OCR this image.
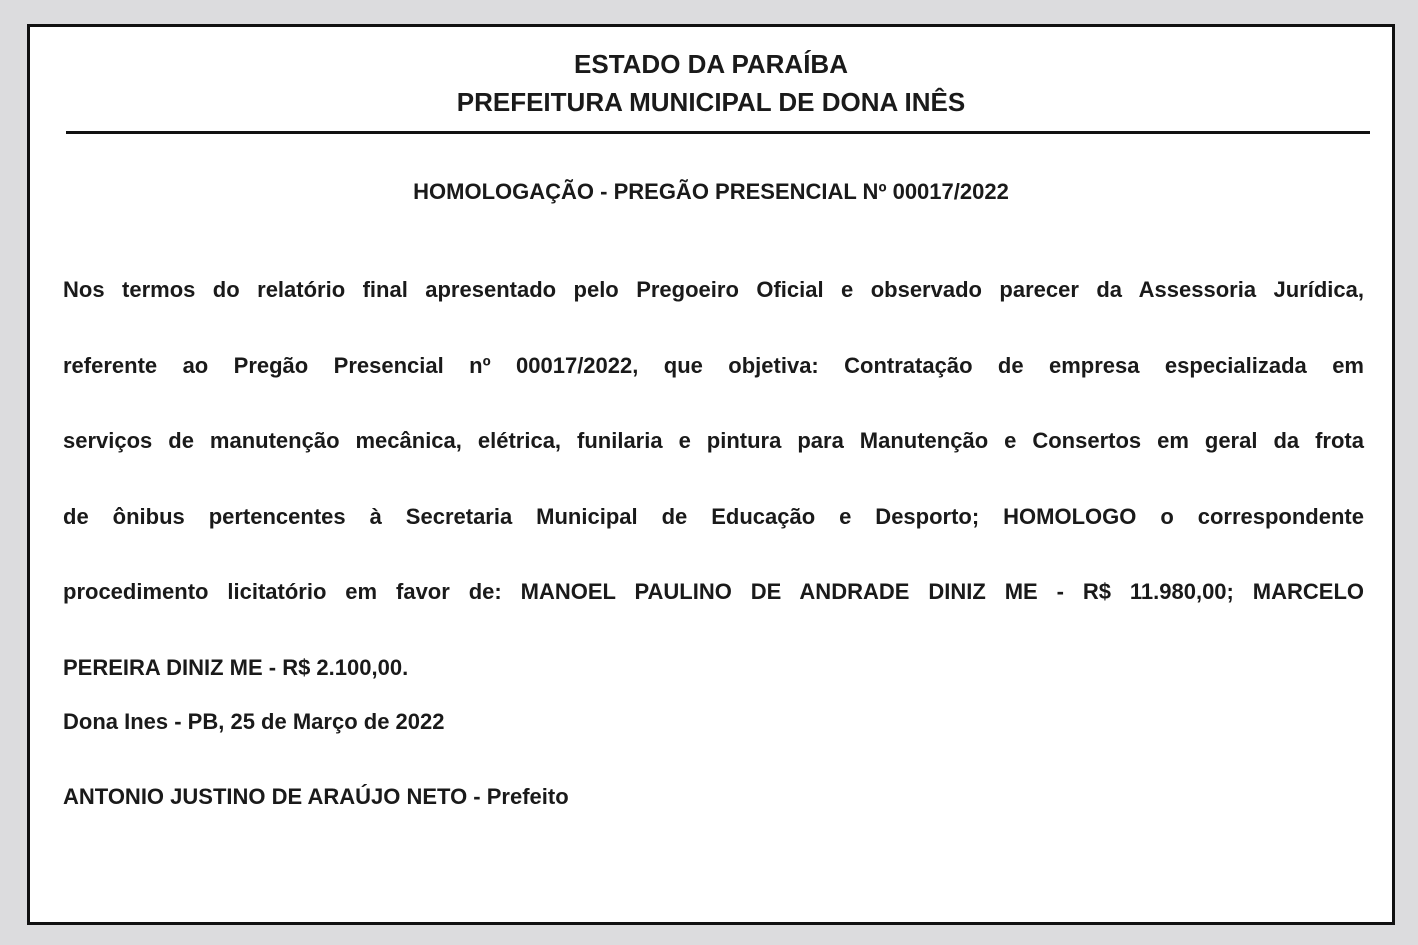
ESTADO DA PARAÍBA
PREFEITURA MUNICIPAL DE DONA INÊS
HOMOLOGAÇÃO - PREGÃO PRESENCIAL Nº 00017/2022

Nos termos do relatório final apresentado pelo Pregoeiro Oficial e observado parecer da Assessoria Jurídica,
referente ao Pregão Presencial nº 00017/2022, que objetiva: Contratação de empresa especializada em
serviços de manutenção mecânica, elétrica, funilaria e pintura para Manutenção e Consertos em geral da frota
de ônibus pertencentes à Secretaria Municipal de Educação e Desporto; HOMOLOGO o correspondente
procedimento licitatório em favor de: MANOEL PAULINO DE ANDRADE DINIZ ME - R$ 11.980,00; MARCELO
PEREIRA DINIZ ME - R$ 2.100,00.

Dona Ines - PB, 25 de Março de 2022
ANTONIO JUSTINO DE ARAÚJO NETO - Prefeito
